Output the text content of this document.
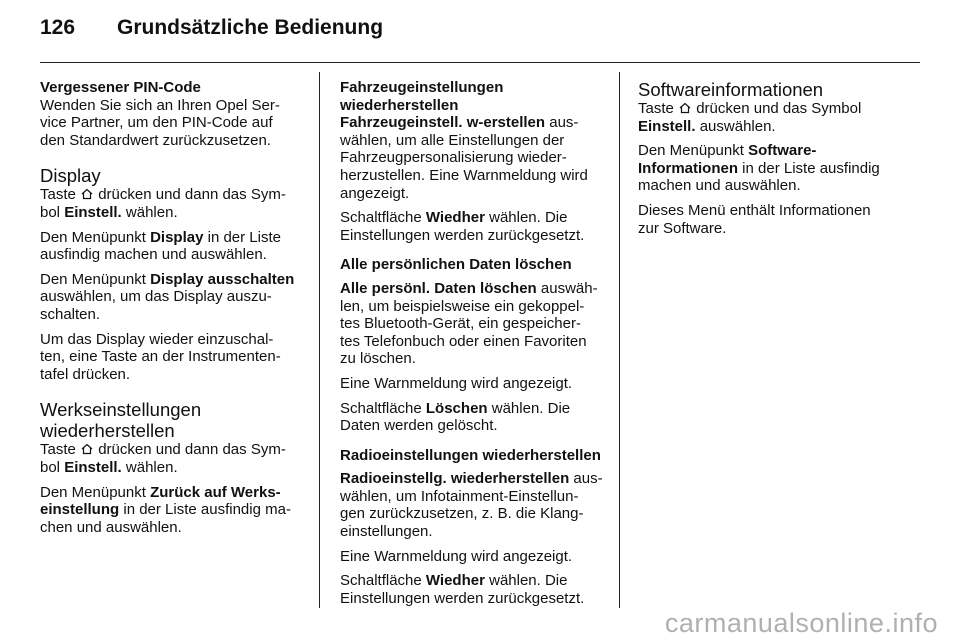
126 Grundsätzliche Bedienung
Vergessener PIN-Code

Wenden Sie sich an Ihren Opel Ser-
vice Partner, um den PIN-Code auf
den Standardwert zurückzusetzen.

Display

Taste drücken und dann das Sym-
bol Einstell. wählen.

Den Menüpunkt Display in der Liste
ausfindig machen und auswählen.

Den Menüpunkt Display ausschalten
auswählen, um das Display auszu-
schalten.

Um das Display wieder einzuschal-
ten, eine Taste an der Instrumenten-
tafel drücken.

Werkseinstellungen
wiederherstellen

Taste drücken und dann das Sym-
bol Einstell. wählen.

Den Menüpunkt Zurück auf Werks-
einstellung in der Liste ausfindig ma-
chen und auswählen.

Fahrzeugeinstellungen
wiederherstellen

Fahrzeugeinstell. w-erstellen aus-
wählen, um alle Einstellungen der
Fahrzeugpersonalisierung wieder-
herzustellen. Eine Warnmeldung wird
angezeigt.

Schaltfläche Wiedher wählen. Die
Einstellungen werden zurückgesetzt.

Alle persönlichen Daten löschen

Alle persönl. Daten löschen auswäh-
len, um beispielsweise ein gekoppel-
tes Bluetooth-Gerät, ein gespeicher-
tes Telefonbuch oder einen Favoriten
zu löschen.

Eine Warnmeldung wird angezeigt.

Schaltfläche Löschen wählen. Die
Daten werden gelöscht.

Radioeinstellungen wiederherstellen

Radioeinstellg. wiederherstellen aus-
wählen, um Infotainment-Einstellun-
gen zurückzusetzen, z. B. die Klang-
einstellungen.

Eine Warnmeldung wird angezeigt.

Schaltfläche Wiedher wählen. Die
Einstellungen werden zurückgesetzt.

Softwareinformationen

Taste drücken und das Symbol
Einstell. auswählen.

Den Menüpunkt Software-
Informationen in der Liste ausfindig
machen und auswählen.

Dieses Menü enthält Informationen
zur Software.

carmanualsonline.info
